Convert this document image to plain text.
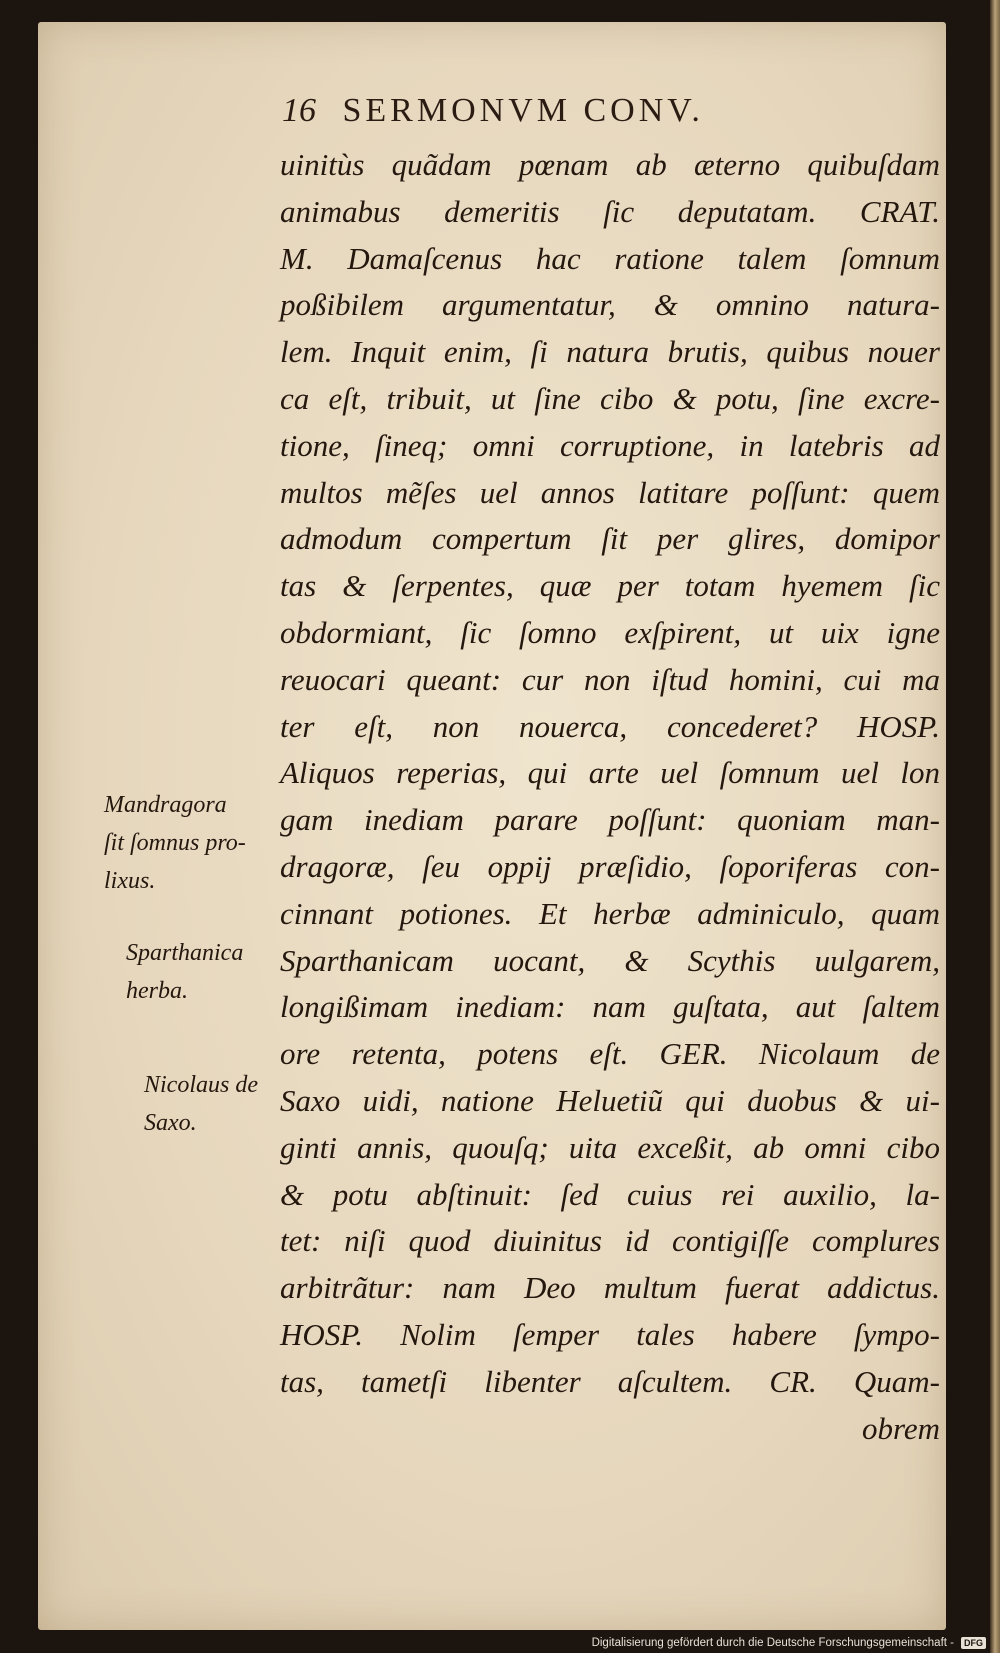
16 SERMONVM CONV.
uinitùs quãdam pœnam ab æterno quibuſdam
animabus demeritis ſic deputatam. CRAT.
M. Damaſcenus hac ratione talem ſomnum
poßibilem argumentatur, & omnino natura-
lem. Inquit enim, ſi natura brutis, quibus nouer
ca eſt, tribuit, ut ſine cibo & potu, ſine excre-
tione, ſineq; omni corruptione, in latebris ad
multos mẽſes uel annos latitare poſſunt: quem
admodum compertum ſit per glires, domipor
tas & ſerpentes, quæ per totam hyemem ſic
obdormiant, ſic ſomno exſpirent, ut uix igne
reuocari queant: cur non iſtud homini, cui ma
ter eſt, non nouerca, concederet? HOSP.
Aliquos reperias, qui arte uel ſomnum uel lon
gam inediam parare poſſunt: quoniam man-
dragoræ, ſeu oppij præſidio, ſoporiferas con-
cinnant potiones. Et herbæ adminiculo, quam
Sparthanicam uocant, & Scythis uulgarem,
longißimam inediam: nam guſtata, aut ſaltem
ore retenta, potens eſt. GER. Nicolaum de
Saxo uidi, natione Heluetiũ qui duobus & ui-
ginti annis, quouſq; uita exceßit, ab omni cibo
& potu abſtinuit: ſed cuius rei auxilio, la-
tet: niſi quod diuinitus id contigiſſe complures
arbitrãtur: nam Deo multum fuerat addictus.
HOSP. Nolim ſemper tales habere ſympo-
tas, tametſi libenter aſcultem. CR. Quam-
obrem
Mandragora
ſit ſomnus pro-
lixus.
Sparthanica
herba.
Nicolaus de
Saxo.
Digitalisierung gefördert durch die Deutsche Forschungsgemeinschaft -	DFG
